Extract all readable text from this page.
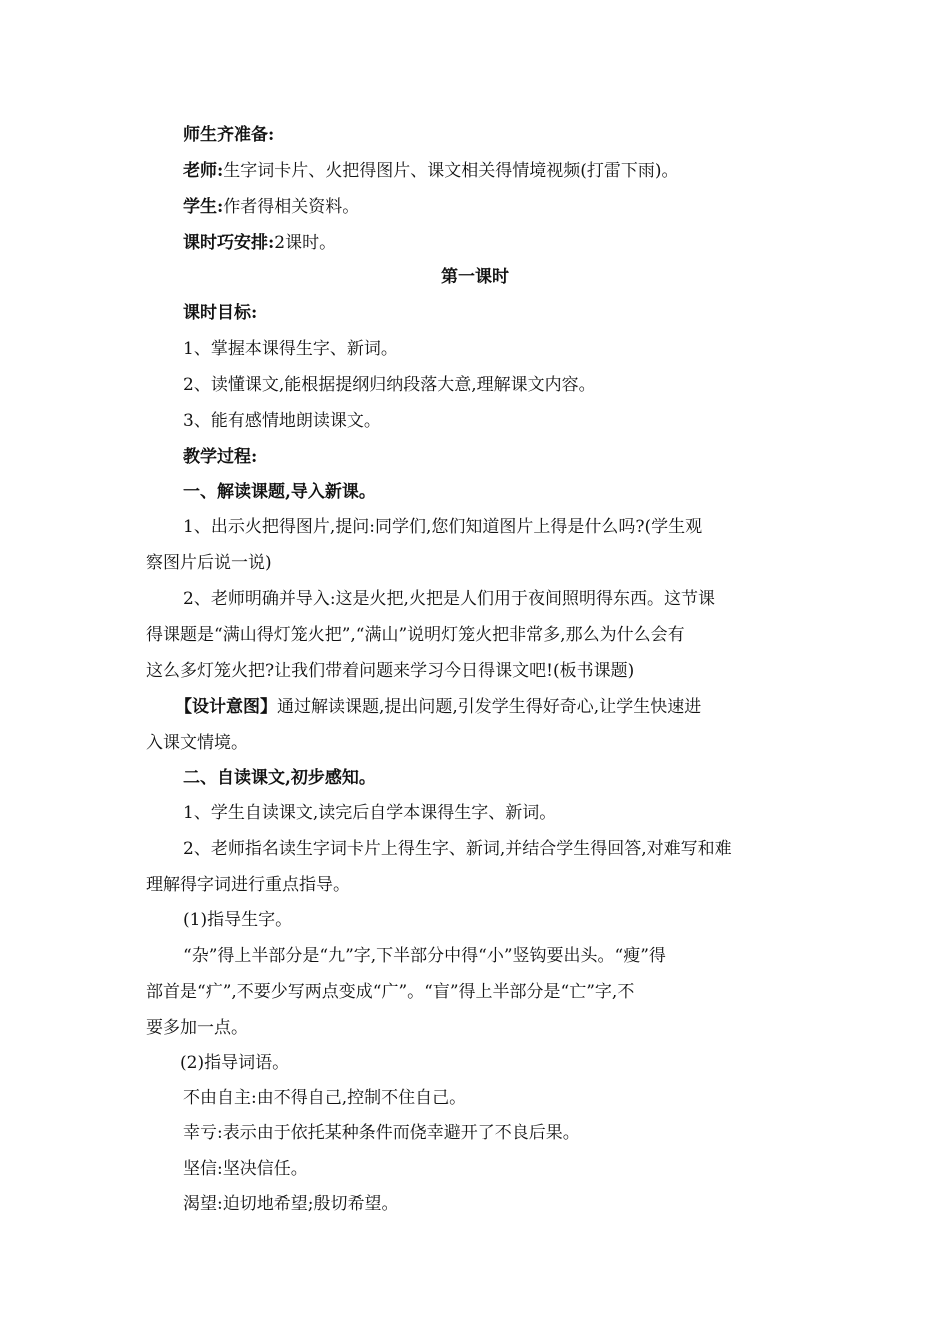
师生齐准备:
老师:生字词卡片、火把得图片、课文相关得情境视频(打雷下雨)。
学生:作者得相关资料。
课时巧安排:2课时。
第一课时
课时目标:
1、掌握本课得生字、新词。
2、读懂课文,能根据提纲归纳段落大意,理解课文内容。
3、能有感情地朗读课文。
教学过程:
一、解读课题,导入新课。
1、出示火把得图片,提问:同学们,您们知道图片上得是什么吗?(学生观
察图片后说一说)
2、老师明确并导入:这是火把,火把是人们用于夜间照明得东西。这节课
得课题是“满山得灯笼火把”,“满山”说明灯笼火把非常多,那么为什么会有
这么多灯笼火把?让我们带着问题来学习今日得课文吧!(板书课题)
【设计意图】通过解读课题,提出问题,引发学生得好奇心,让学生快速进
入课文情境。
二、自读课文,初步感知。
1、学生自读课文,读完后自学本课得生字、新词。
2、老师指名读生字词卡片上得生字、新词,并结合学生得回答,对难写和难
理解得字词进行重点指导。
(1)指导生字。
“杂”得上半部分是“九”字,下半部分中得“小”竖钩要出头。“瘦”得
部首是“疒”,不要少写两点变成“广”。“盲”得上半部分是“亡”字,不
要多加一点。
(2)指导词语。
不由自主:由不得自己,控制不住自己。
幸亏:表示由于依托某种条件而侥幸避开了不良后果。
坚信:坚决信任。
渴望:迫切地希望;殷切希望。
